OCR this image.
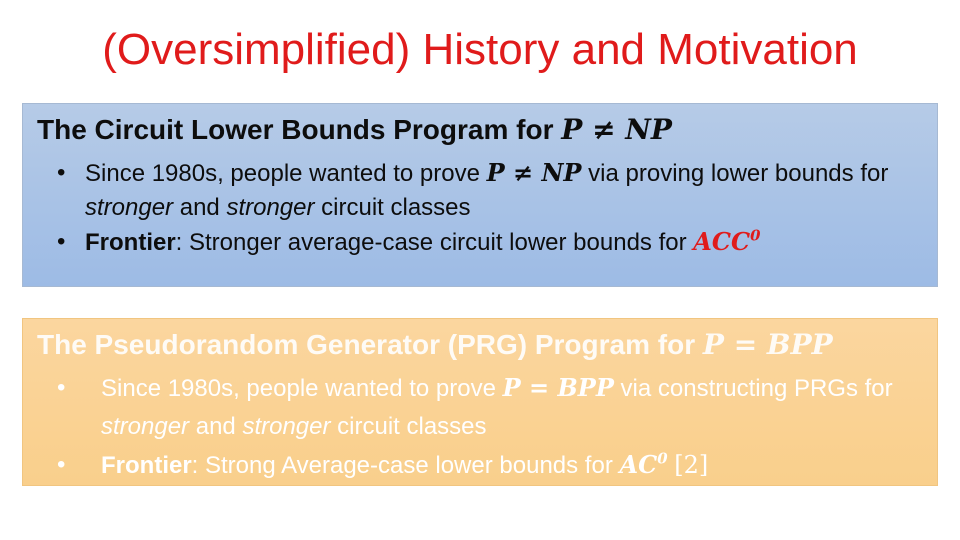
(Oversimplified) History and Motivation
The Circuit Lower Bounds Program for P ≠ NP
• Since 1980s, people wanted to prove P ≠ NP via proving lower bounds for stronger and stronger circuit classes
• Frontier: Stronger average-case circuit lower bounds for ACC$^0$
The Pseudorandom Generator (PRG) Program for P = BPP
• Since 1980s, people wanted to prove P = BPP via constructing PRGs for stronger and stronger circuit classes
• Frontier: Strong Average-case lower bounds for $AC^0$ [2]
